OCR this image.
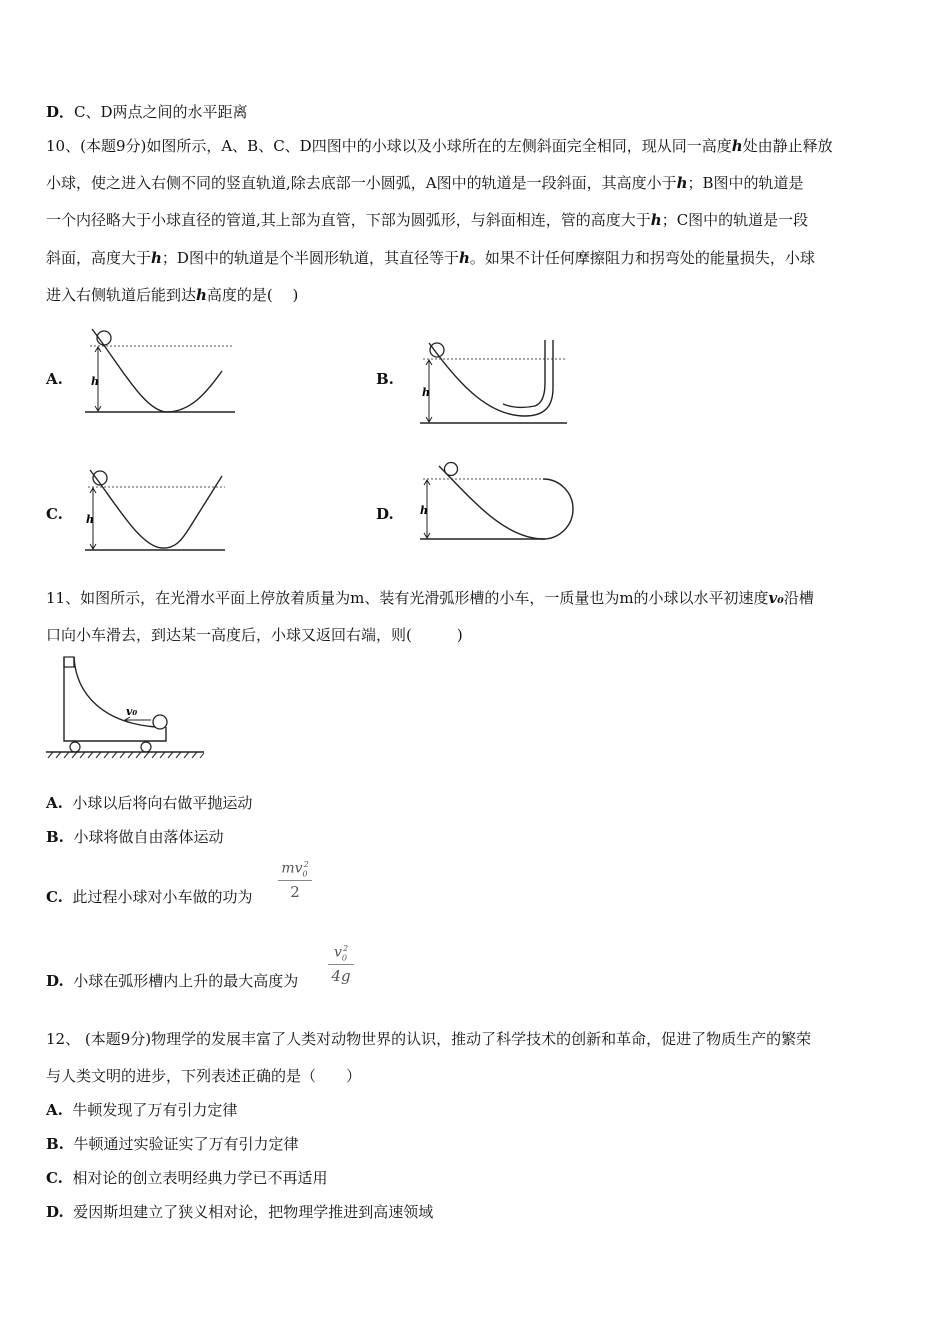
D．C、D两点之间的水平距离
10、(本题9分)如图所示，A、B、C、D四图中的小球以及小球所在的左侧斜面完全相同，现从同一高度h处由静止释放
小球，使之进入右侧不同的竖直轨道,除去底部一小圆弧，A图中的轨道是一段斜面，其高度小于h；B图中的轨道是
一个内径略大于小球直径的管道,其上部为直管，下部为圆弧形，与斜面相连，管的高度大于h；C图中的轨道是一段
斜面，高度大于h；D图中的轨道是个半圆形轨道，其直径等于h。如果不计任何摩擦阻力和拐弯处的能量损失，小球
进入右侧轨道后能到达h高度的是(　 )
A.	h	B.
h
C. h	D. h
11、如图所示，在光滑水平面上停放着质量为m、装有光滑弧形槽的小车，一质量也为m的小球以水平初速度v₀沿槽
口向小车滑去，到达某一高度后，小球又返回右端，则(　　　)
v₀
A. 小球以后将向右做平抛运动
B. 小球将做自由落体运动
C. 此过程小球对小车做的功为
$mv_0^2$
2
D. 小球在弧形槽内上升的最大高度为
$v_0^2$
4g
12、 (本题9分)物理学的发展丰富了人类对动物世界的认识，推动了科学技术的创新和革命，促进了物质生产的繁荣
与人类文明的进步，下列表述正确的是（　　）
A. 牛顿发现了万有引力定律
B. 牛顿通过实验证实了万有引力定律
C. 相对论的创立表明经典力学已不再适用
D. 爱因斯坦建立了狭义相对论，把物理学推进到高速领域
